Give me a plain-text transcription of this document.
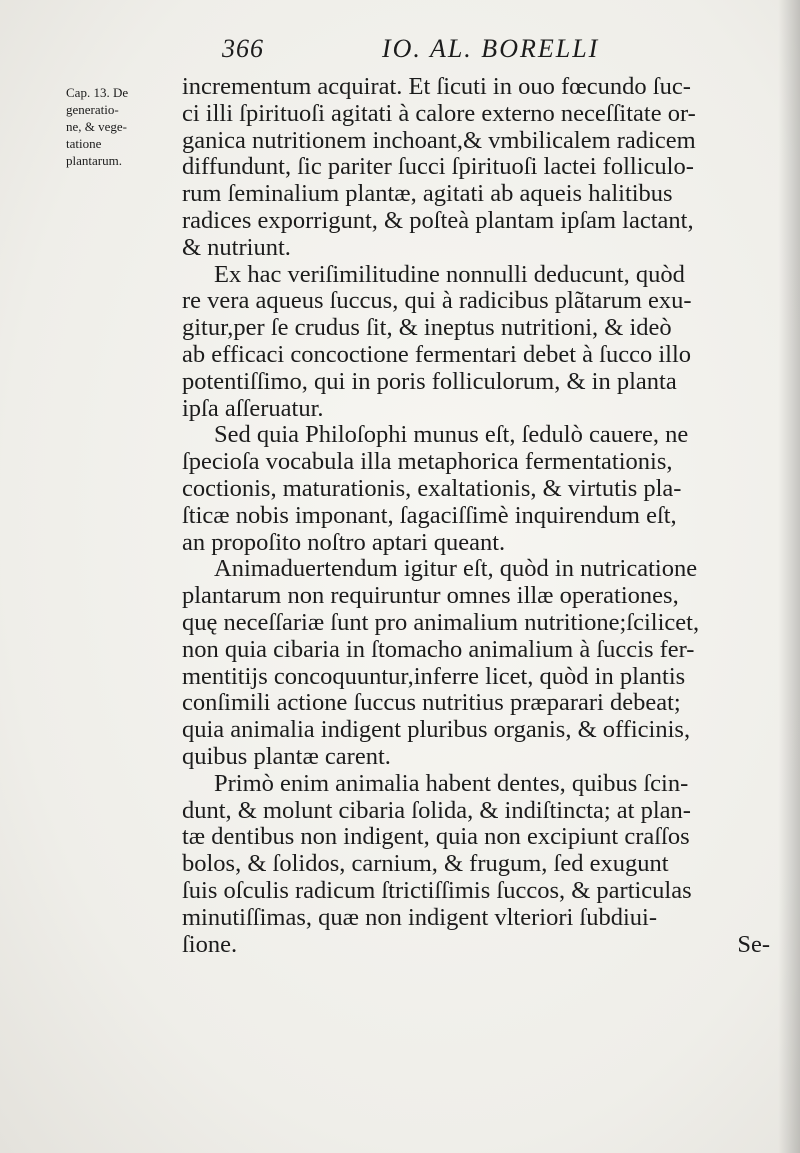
366	IO. AL. BORELLI
Cap. 13. De
generatio-
ne, & vege-
tatione
plantarum.
incrementum acquirat. Et ſicuti in ouo fœcundo ſuc-
ci illi ſpirituoſi agitati à calore externo neceſſitate or-
ganica nutritionem inchoant,& vmbilicalem radicem
diffundunt, ſic pariter ſucci ſpirituoſi lactei folliculo-
rum ſeminalium plantæ, agitati ab aqueis halitibus
radices exporrigunt, & poſteà plantam ipſam lactant,
& nutriunt.
Ex hac veriſimilitudine nonnulli deducunt, quòd
re vera aqueus ſuccus, qui à radicibus plãtarum exu-
gitur,per ſe crudus ſit, & ineptus nutritioni, & ideò
ab efficaci concoctione fermentari debet à ſucco illo
potentiſſimo, qui in poris folliculorum, & in planta
ipſa aſſeruatur.
Sed quia Philoſophi munus eſt, ſedulò cauere, ne
ſpecioſa vocabula illa metaphorica fermentationis,
coctionis, maturationis, exaltationis, & virtutis pla-
ſticæ nobis imponant, ſagaciſſimè inquirendum eſt,
an propoſito noſtro aptari queant.
Animaduertendum igitur eſt, quòd in nutricatione
plantarum non requiruntur omnes illæ operationes,
quę neceſſariæ ſunt pro animalium nutritione;ſcilicet,
non quia cibaria in ſtomacho animalium à ſuccis fer-
mentitijs concoquuntur,inferre licet, quòd in plantis
conſimili actione ſuccus nutritius præparari debeat;
quia animalia indigent pluribus organis, & officinis,
quibus plantæ carent.
Primò enim animalia habent dentes, quibus ſcin-
dunt, & molunt cibaria ſolida, & indiſtincta; at plan-
tæ dentibus non indigent, quia non excipiunt craſſos
bolos, & ſolidos, carnium, & frugum, ſed exugunt
ſuis oſculis radicum ſtrictiſſimis ſuccos, & particulas
minutiſſimas, quæ non indigent vlteriori ſubdiui-
ſione.	Se-
